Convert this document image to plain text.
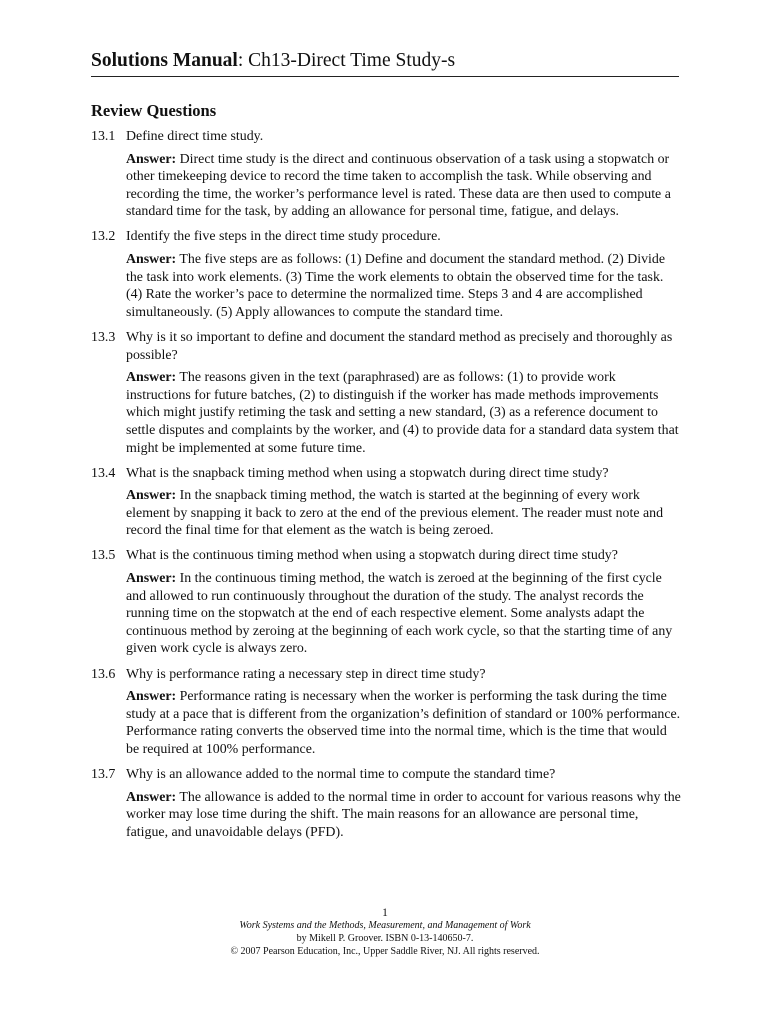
Solutions Manual: Ch13-Direct Time Study-s
Review Questions
13.1 Define direct time study.
Answer: Direct time study is the direct and continuous observation of a task using a stopwatch or other timekeeping device to record the time taken to accomplish the task. While observing and recording the time, the worker’s performance level is rated. These data are then used to compute a standard time for the task, by adding an allowance for personal time, fatigue, and delays.
13.2 Identify the five steps in the direct time study procedure.
Answer: The five steps are as follows: (1) Define and document the standard method. (2) Divide the task into work elements. (3) Time the work elements to obtain the observed time for the task. (4) Rate the worker’s pace to determine the normalized time. Steps 3 and 4 are accomplished simultaneously. (5) Apply allowances to compute the standard time.
13.3 Why is it so important to define and document the standard method as precisely and thoroughly as possible?
Answer: The reasons given in the text (paraphrased) are as follows: (1) to provide work instructions for future batches, (2) to distinguish if the worker has made methods improvements which might justify retiming the task and setting a new standard, (3) as a reference document to settle disputes and complaints by the worker, and (4) to provide data for a standard data system that might be implemented at some future time.
13.4 What is the snapback timing method when using a stopwatch during direct time study?
Answer: In the snapback timing method, the watch is started at the beginning of every work element by snapping it back to zero at the end of the previous element. The reader must note and record the final time for that element as the watch is being zeroed.
13.5 What is the continuous timing method when using a stopwatch during direct time study?
Answer: In the continuous timing method, the watch is zeroed at the beginning of the first cycle and allowed to run continuously throughout the duration of the study. The analyst records the running time on the stopwatch at the end of each respective element. Some analysts adapt the continuous method by zeroing at the beginning of each work cycle, so that the starting time of any given work cycle is always zero.
13.6 Why is performance rating a necessary step in direct time study?
Answer: Performance rating is necessary when the worker is performing the task during the time study at a pace that is different from the organization’s definition of standard or 100% performance. Performance rating converts the observed time into the normal time, which is the time that would be required at 100% performance.
13.7 Why is an allowance added to the normal time to compute the standard time?
Answer: The allowance is added to the normal time in order to account for various reasons why the worker may lose time during the shift. The main reasons for an allowance are personal time, fatigue, and unavoidable delays (PFD).
1
Work Systems and the Methods, Measurement, and Management of Work
by Mikell P. Groover. ISBN 0-13-140650-7.
© 2007 Pearson Education, Inc., Upper Saddle River, NJ. All rights reserved.
